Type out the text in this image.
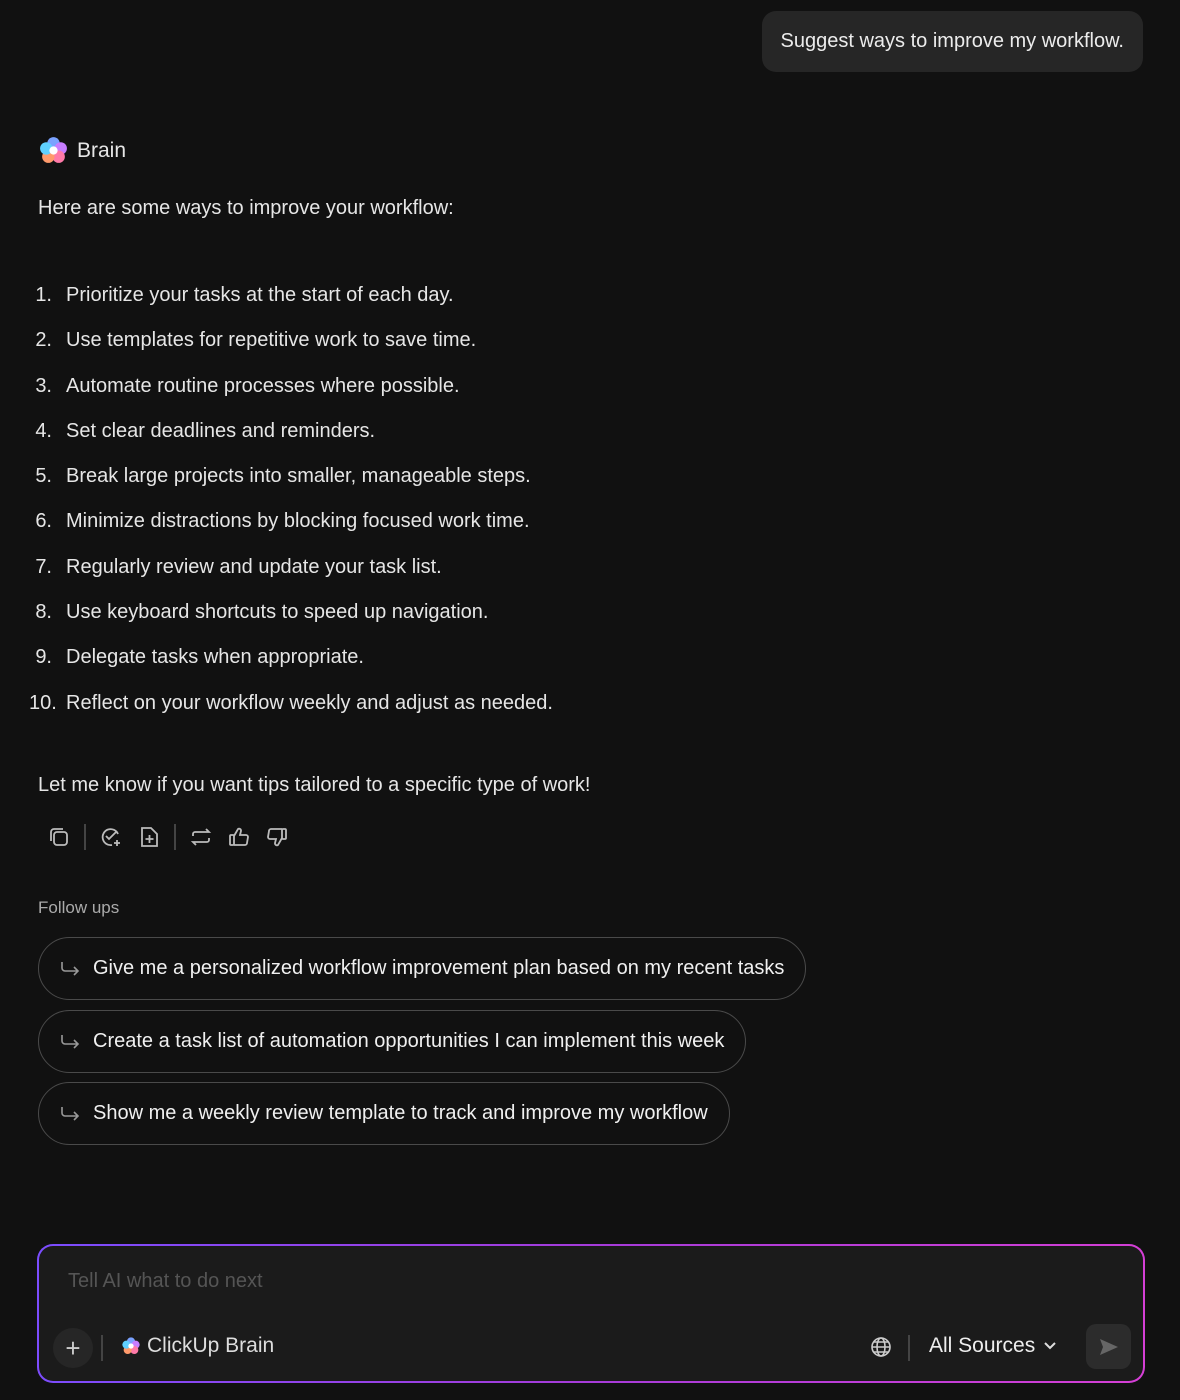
Suggest ways to improve my workflow.
Brain
Here are some ways to improve your workflow:
1. Prioritize your tasks at the start of each day.
2. Use templates for repetitive work to save time.
3. Automate routine processes where possible.
4. Set clear deadlines and reminders.
5. Break large projects into smaller, manageable steps.
6. Minimize distractions by blocking focused work time.
7. Regularly review and update your task list.
8. Use keyboard shortcuts to speed up navigation.
9. Delegate tasks when appropriate.
10. Reflect on your workflow weekly and adjust as needed.
Let me know if you want tips tailored to a specific type of work!
Follow ups
Give me a personalized workflow improvement plan based on my recent tasks
Create a task list of automation opportunities I can implement this week
Show me a weekly review template to track and improve my workflow
Tell AI what to do next
+	ClickUp Brain	All Sources
